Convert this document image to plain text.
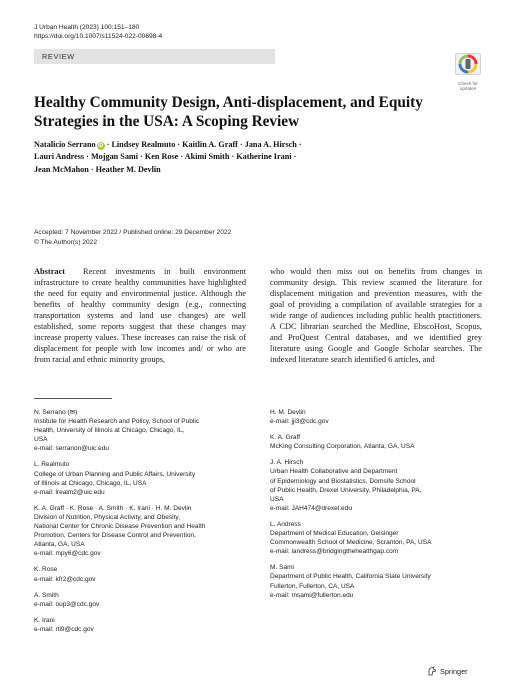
J Urban Health (2023) 100:151–180
https://doi.org/10.1007/s11524-022-00698-4
REVIEW
Check for
updates
Healthy Community Design, Anti-displacement, and Equity
Strategies in the USA: A Scoping Review
Natalicio Serrano iD · Lindsey Realmuto · Kaitlin A. Graff · Jana A. Hirsch ·
Lauri Andress · Mojgan Sami · Ken Rose · Akimi Smith · Katherine Irani ·
Jean McMahon · Heather M. Devlin
Accepted: 7 November 2022 / Published online: 29 December 2022
© The Author(s) 2022
Abstract Recent investments in built environment infrastructure to create healthy communities have highlighted the need for equity and environmental justice. Although the benefits of healthy community design (e.g., connecting transportation systems and land use changes) are well established, some reports suggest that these changes may increase property values. These increases can raise the risk of displacement for people with low incomes and/ or who are from racial and ethnic minority groups,
who would then miss out on benefits from changes in community design. This review scanned the literature for displacement mitigation and prevention measures, with the goal of providing a compilation of available strategies for a wide range of audiences including public health practitioners. A CDC librarian searched the Medline, EbscoHost, Scopus, and ProQuest Central databases, and we identified grey literature using Google and Google Scholar searches. The indexed literature search identified 6 articles, and
N. Serrano (✉)
Institute for Health Research and Policy, School of Public
Health, University of Illinois at Chicago, Chicago, IL,
USA
e-mail: serranon@uic.edu
L. Realmuto
College of Urban Planning and Public Affairs, University
of Illinois at Chicago, Chicago, IL, USA
e-mail: lrealm2@uic.edu
K. A. Graff · K. Rose · A. Smith · K. Irani · H. M. Devlin
Division of Nutrition, Physical Activity, and Obesity,
National Center for Chronic Disease Prevention and Health
Promotion, Centers for Disease Control and Prevention,
Atlanta, GA, USA
e-mail: mpy6@cdc.gov
K. Rose
e-mail: kfr2@cdc.gov
A. Smith
e-mail: oup3@cdc.gov
K. Irani
e-mail: rti9@cdc.gov
H. M. Devlin
e-mail: jji3@cdc.gov
K. A. Graff
McKing Consulting Corporation, Atlanta, GA, USA
J. A. Hirsch
Urban Health Collaborative and Department
of Epidemiology and Biostatistics, Dornsife School
of Public Health, Drexel University, Philadelphia, PA,
USA
e-mail: JAH474@drexel.edu
L. Andress
Department of Medical Education, Geisinger
Commonwealth School of Medicine, Scranton, PA, USA
e-mail: landress@bridgingthehealthgap.com
M. Sami
Department of Public Health, California State University
Fullerton, Fullerton, CA, USA
e-mail: msami@fullerton.edu
Springer
